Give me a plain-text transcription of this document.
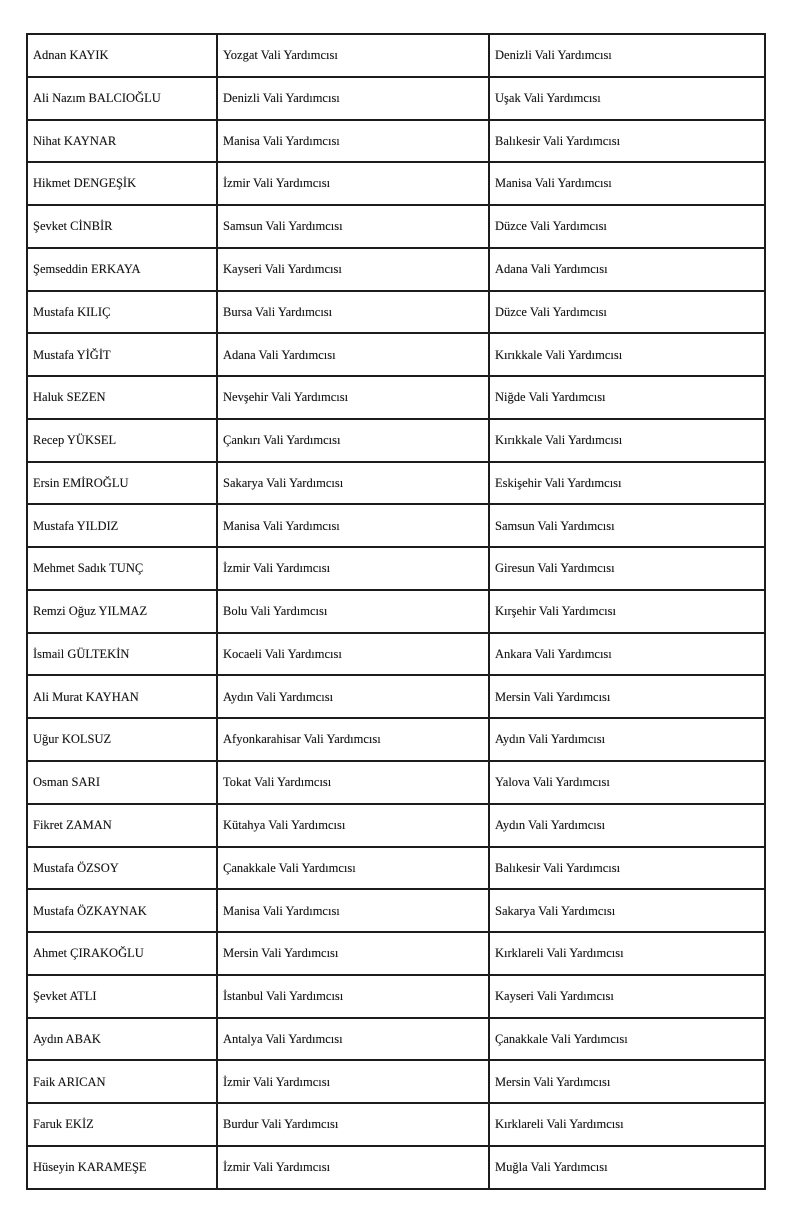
Adnan KAYIK	Yozgat Vali Yardımcısı	Denizli Vali Yardımcısı
Ali Nazım BALCIOĞLU	Denizli Vali Yardımcısı	Uşak Vali Yardımcısı
Nihat KAYNAR	Manisa Vali Yardımcısı	Balıkesir Vali Yardımcısı
Hikmet DENGEŞİK	İzmir Vali Yardımcısı	Manisa Vali Yardımcısı
Şevket CİNBİR	Samsun Vali Yardımcısı	Düzce Vali Yardımcısı
Şemseddin ERKAYA	Kayseri Vali Yardımcısı	Adana Vali Yardımcısı
Mustafa KILIÇ	Bursa Vali Yardımcısı	Düzce Vali Yardımcısı
Mustafa YİĞİT	Adana Vali Yardımcısı	Kırıkkale Vali Yardımcısı
Haluk SEZEN	Nevşehir Vali Yardımcısı	Niğde Vali Yardımcısı
Recep YÜKSEL	Çankırı Vali Yardımcısı	Kırıkkale Vali Yardımcısı
Ersin EMİROĞLU	Sakarya Vali Yardımcısı	Eskişehir Vali Yardımcısı
Mustafa YILDIZ	Manisa Vali Yardımcısı	Samsun Vali Yardımcısı
Mehmet Sadık TUNÇ	İzmir Vali Yardımcısı	Giresun Vali Yardımcısı
Remzi Oğuz YILMAZ	Bolu Vali Yardımcısı	Kırşehir Vali Yardımcısı
İsmail GÜLTEKİN	Kocaeli Vali Yardımcısı	Ankara Vali Yardımcısı
Ali Murat KAYHAN	Aydın Vali Yardımcısı	Mersin Vali Yardımcısı
Uğur KOLSUZ	Afyonkarahisar Vali Yardımcısı	Aydın Vali Yardımcısı
Osman SARI	Tokat Vali Yardımcısı	Yalova Vali Yardımcısı
Fikret ZAMAN	Kütahya Vali Yardımcısı	Aydın Vali Yardımcısı
Mustafa ÖZSOY	Çanakkale Vali Yardımcısı	Balıkesir Vali Yardımcısı
Mustafa ÖZKAYNAK	Manisa Vali Yardımcısı	Sakarya Vali Yardımcısı
Ahmet ÇIRAKOĞLU	Mersin Vali Yardımcısı	Kırklareli Vali Yardımcısı
Şevket ATLI	İstanbul Vali Yardımcısı	Kayseri Vali Yardımcısı
Aydın ABAK	Antalya Vali Yardımcısı	Çanakkale Vali Yardımcısı
Faik ARICAN	İzmir Vali Yardımcısı	Mersin Vali Yardımcısı
Faruk EKİZ	Burdur Vali Yardımcısı	Kırklareli Vali Yardımcısı
Hüseyin KARAMEŞE	İzmir Vali Yardımcısı	Muğla Vali Yardımcısı
